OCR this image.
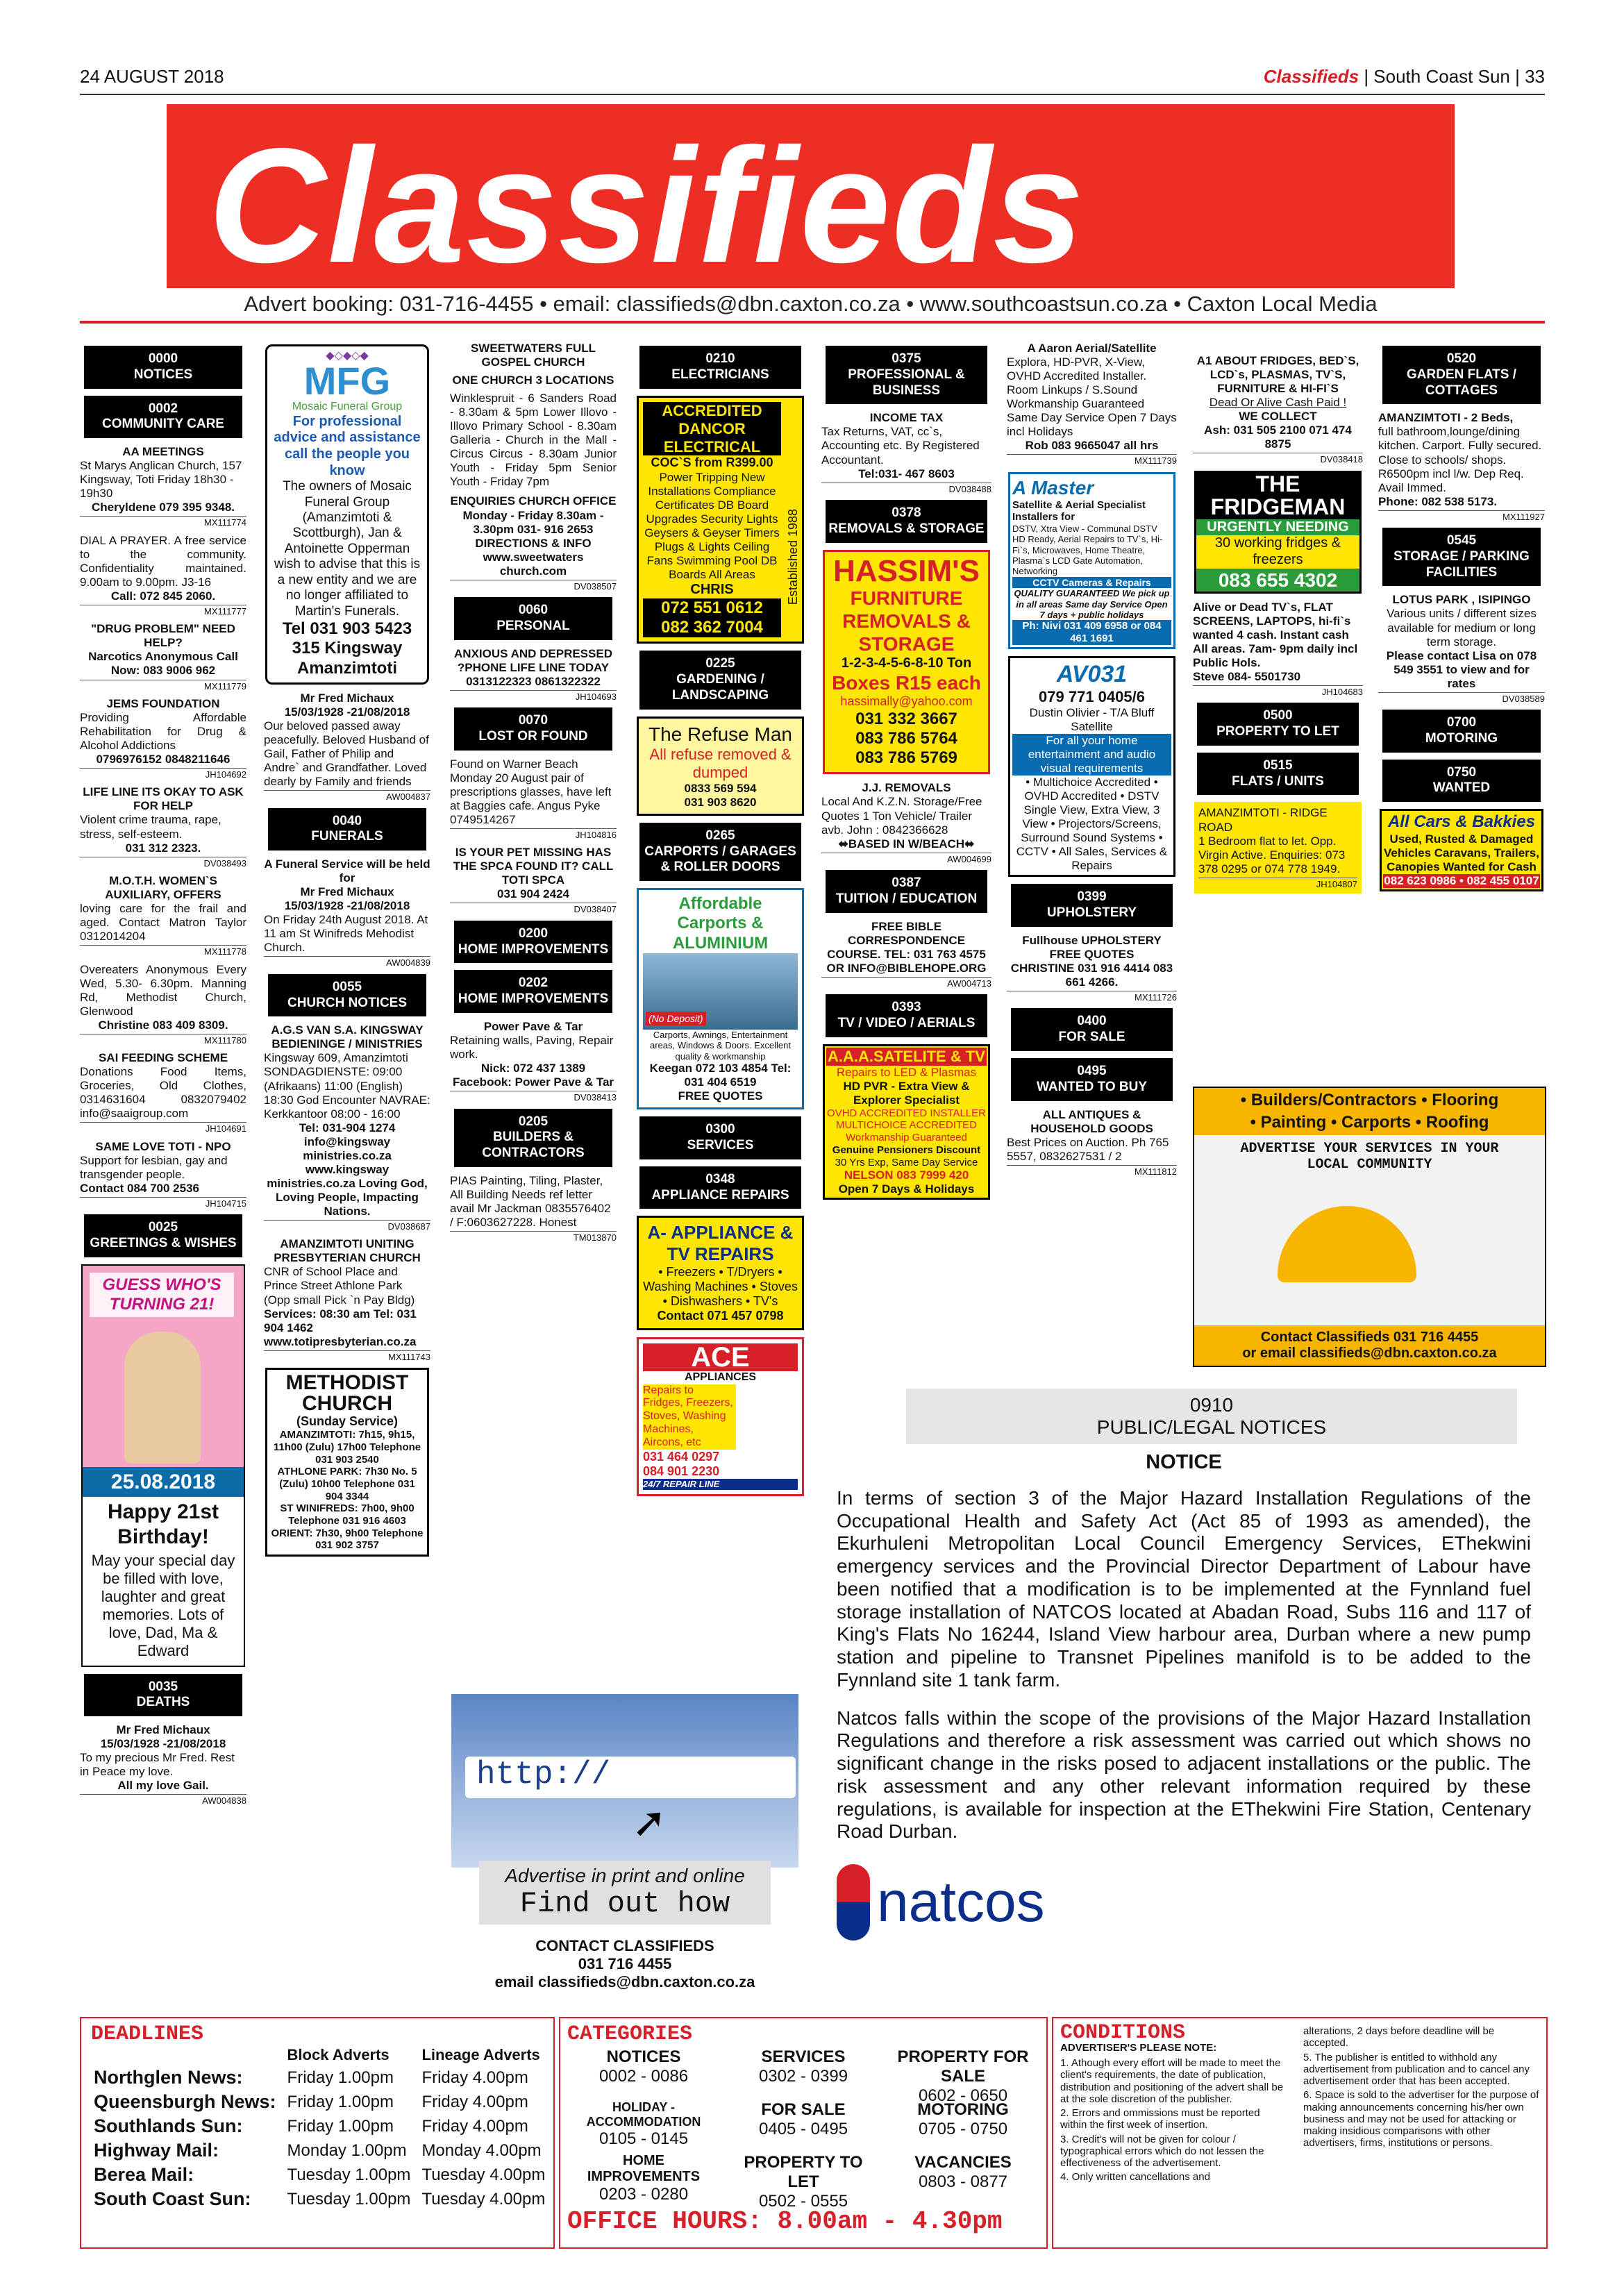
24 AUGUST 2018	Classifieds | South Coast Sun | 33
Classifieds
Advert booking: 031-716-4455 • email: classifieds@dbn.caxton.co.za • www.southcoastsun.co.za • Caxton Local Media
0000
NOTICES
0002
COMMUNITY CARE
AA MEETINGS
St Marys Anglican Church, 157 Kingsway, Toti Friday 18h30 - 19h30
Cheryldene 079 395 9348.
MX111774
DIAL A PRAYER. A free service to the community. Confidentiality maintained. 9.00am to 9.00pm. J3-16
Call: 072 845 2060.
MX111777
"DRUG PROBLEM" NEED HELP?
Narcotics Anonymous Call Now: 083 9006 962
MX111779
JEMS FOUNDATION
Providing Affordable Rehabilitation for Drug & Alcohol Addictions
0796976152 0848211646
JH104692
LIFE LINE ITS OKAY TO ASK FOR HELP
Violent crime trauma, rape, stress, self-esteem.
031 312 2323.
DV038493
M.O.T.H. WOMEN`S AUXILIARY, OFFERS
loving care for the frail and aged. Contact Matron Taylor 0312014204
MX111778
Overeaters Anonymous Every Wed, 5.30- 6.30pm. Manning Rd, Methodist Church, Glenwood
Christine 083 409 8309.
MX111780
SAI FEEDING SCHEME
Donations Food Items, Groceries, Old Clothes, 0314631604 0832079402 info@saaigroup.com
JH104691
SAME LOVE TOTI - NPO
Support for lesbian, gay and transgender people.
Contact 084 700 2536
JH104715
0025
GREETINGS & WISHES
GUESS WHO'S TURNING 21!
25.08.2018
Happy 21st Birthday!
May your special day be filled with love, laughter and great memories. Lots of love, Dad, Ma & Edward
0035
DEATHS
Mr Fred Michaux
15/03/1928 -21/08/2018
To my precious Mr Fred. Rest in Peace my love.
All my love Gail.
AW004838
◆◇◆◇◆
MFG
Mosaic Funeral Group
For professional advice and assistance call the people you know
The owners of Mosaic Funeral Group (Amanzimtoti & Scottburgh), Jan & Antoinette Opperman wish to advise that this is a new entity and we are no longer affiliated to Martin's Funerals.
Tel 031 903 5423
315 Kingsway Amanzimtoti
Mr Fred Michaux
15/03/1928 -21/08/2018
Our beloved passed away peacefully. Beloved Husband of Gail, Father of Philip and Andre` and Grandfather. Loved dearly by Family and friends
AW004837
0040
FUNERALS
A Funeral Service will be held for
Mr Fred Michaux
15/03/1928 -21/08/2018
On Friday 24th August 2018. At 11 am St Winifreds Mehodist Church.
AW004839
0055
CHURCH NOTICES
A.G.S VAN S.A. KINGSWAY BEDIENINGE / MINISTRIES
Kingsway 609, Amanzimtoti SONDAGDIENSTE: 09:00 (Afrikaans) 11:00 (English) 18:30 God Encounter NAVRAE: Kerkkantoor 08:00 - 16:00
Tel: 031-904 1274 info@kingsway ministries.co.za www.kingsway ministries.co.za Loving God, Loving People, Impacting Nations.
DV038687
AMANZIMTOTI UNITING PRESBYTERIAN CHURCH
CNR of School Place and Prince Street Athlone Park (Opp small Pick `n Pay Bldg)
Services: 08:30 am Tel: 031 904 1462
www.totipresbyterian.co.za
MX111743
METHODIST CHURCH
(Sunday Service)
AMANZIMTOTI: 7h15, 9h15, 11h00 (Zulu) 17h00 Telephone 031 903 2540
ATHLONE PARK: 7h30 No. 5 (Zulu) 10h00 Telephone 031 904 3344
ST WINIFREDS: 7h00, 9h00 Telephone 031 916 4603
ORIENT: 7h30, 9h00 Telephone 031 902 3757
SWEETWATERS FULL GOSPEL CHURCH
ONE CHURCH 3 LOCATIONS
Winklespruit - 6 Sanders Road - 8.30am & 5pm Lower Illovo - Illovo Primary School - 8.30am Galleria - Church in the Mall - Circus Circus - 8.30am Junior Youth - Friday 5pm Senior Youth - Friday 7pm
ENQUIRIES CHURCH OFFICE Monday - Friday 8.30am - 3.30pm 031- 916 2653 DIRECTIONS & INFO www.sweetwaters church.com
DV038507
0060
PERSONAL
ANXIOUS AND DEPRESSED ?PHONE LIFE LINE TODAY
0313122323 0861322322
JH104693
0070
LOST OR FOUND
Found on Warner Beach Monday 20 August pair of prescriptions glasses, have left at Baggies cafe. Angus Pyke 0749514267
JH104816
IS YOUR PET MISSING HAS THE SPCA FOUND IT? CALL TOTI SPCA
031 904 2424
DV038407
0200
HOME IMPROVEMENTS
0202
HOME IMPROVEMENTS
Power Pave & Tar
Retaining walls, Paving, Repair work.
Nick: 072 437 1389 Facebook: Power Pave & Tar
DV038413
0205
BUILDERS & CONTRACTORS
PIAS Painting, Tiling, Plaster, All Building Needs ref letter avail Mr Jackman 0835576402 / F:0603627228. Honest
TM013870
http://
➚
Advertise in print and online
Find out how
CONTACT CLASSIFIEDS
031 716 4455
email classifieds@dbn.caxton.co.za
0210
ELECTRICIANS
ACCREDITED DANCOR ELECTRICAL
COC`S from R399.00
Power Tripping New Installations Compliance Certificates DB Board Upgrades Security Lights Geysers & Geyser Timers Plugs & Lights Ceiling Fans Swimming Pool DB Boards All Areas
CHRIS
072 551 0612
082 362 7004
Established 1988
0225
GARDENING / LANDSCAPING
The Refuse Man
All refuse removed & dumped
0833 569 594
031 903 8620
0265
CARPORTS / GARAGES & ROLLER DOORS
Affordable Carports & ALUMINIUM
(No Deposit)
Carports, Awnings, Entertainment areas, Windows & Doors. Excellent quality & workmanship
Keegan 072 103 4854 Tel: 031 404 6519
FREE QUOTES
0300
SERVICES
0348
APPLIANCE REPAIRS
A- APPLIANCE & TV REPAIRS
• Freezers • T/Dryers • Washing Machines • Stoves • Dishwashers • TV's
Contact 071 457 0798
ACE
APPLIANCES
Repairs to Fridges, Freezers, Stoves, Washing Machines, Aircons, etc
031 464 0297
084 901 2230
24/7 REPAIR LINE
0375
PROFESSIONAL & BUSINESS
INCOME TAX
Tax Returns, VAT, cc`s, Accounting etc. By Registered Accountant.
Tel:031- 467 8603
DV038488
0378
REMOVALS & STORAGE
HASSIM'S
FURNITURE REMOVALS & STORAGE
1-2-3-4-5-6-8-10 Ton
Boxes R15 each
hassimally@yahoo.com
031 332 3667
083 786 5764
083 786 5769
J.J. REMOVALS
Local And K.Z.N. Storage/Free Quotes 1 Ton Vehicle/ Trailer avb. John : 0842366628
⬌BASED IN W/BEACH⬌
AW004699
0387
TUITION / EDUCATION
FREE BIBLE CORRESPONDENCE COURSE. TEL: 031 763 4575 OR INFO@BIBLEHOPE.ORG
AW004713
0393
TV / VIDEO / AERIALS
A.A.A.SATELITE & TV
Repairs to LED & Plasmas
HD PVR - Extra View & Explorer Specialist
OVHD ACCREDITED INSTALLER MULTICHOICE ACCREDITED
Workmanship Guaranteed
Genuine Pensioners Discount
30 Yrs Exp, Same Day Service
NELSON 083 7999 420
Open 7 Days & Holidays
A Aaron Aerial/Satellite
Explora, HD-PVR, X-View, OVHD Accredited Installer. Room Linkups / S.Sound Workmanship Guaranteed Same Day Service Open 7 Days incl Holidays
Rob 083 9665047 all hrs
MX111739
A Master
Satellite & Aerial Specialist Installers for
DSTV, Xtra View - Communal DSTV HD Ready, Aerial Repairs to TV`s, Hi-Fi`s, Microwaves, Home Theatre, Plasma`s LCD Gate Automation, Networking
CCTV Cameras & Repairs
QUALITY GUARANTEED We pick up in all areas Same day Service Open 7 days + public holidays
Ph: Nivi 031 409 6958 or 084 461 1691
AV031
079 771 0405/6
Dustin Olivier - T/A Bluff Satellite
For all your home entertainment and audio visual requirements
• Multichoice Accredited • OVHD Accredited • DSTV Single View, Extra View, 3 View • Projectors/Screens, Surround Sound Systems • CCTV • All Sales, Services & Repairs
0399
UPHOLSTERY
Fullhouse UPHOLSTERY FREE QUOTES
CHRISTINE 031 916 4414 083 661 4266.
MX111726
0400
FOR SALE
0495
WANTED TO BUY
ALL ANTIQUES & HOUSEHOLD GOODS
Best Prices on Auction. Ph 765 5557, 0832627531 / 2
MX111812
A1 ABOUT FRIDGES, BED`S, LCD`s, PLASMAS, TV`S, FURNITURE & HI-FI`S
Dead Or Alive Cash Paid !
WE COLLECT
Ash: 031 505 2100 071 474 8875
DV038418
THE FRIDGEMAN
URGENTLY NEEDING
30 working fridges & freezers
083 655 4302
Alive or Dead TV`s, FLAT SCREENS, LAPTOPS, hi-fi`s wanted 4 cash. Instant cash All areas. 7am- 9pm daily incl Public Hols.
Steve 084- 5501730
JH104683
0500
PROPERTY TO LET
0515
FLATS / UNITS
AMANZIMTOTI - RIDGE ROAD
1 Bedroom flat to let. Opp. Virgin Active. Enquiries: 073 378 0295 or 074 778 1949.
JH104807
• Builders/Contractors • Flooring
• Painting • Carports • Roofing
ADVERTISE YOUR SERVICES IN YOUR LOCAL COMMUNITY
Contact Classifieds 031 716 4455
or email classifieds@dbn.caxton.co.za
0520
GARDEN FLATS / COTTAGES
AMANZIMTOTI - 2 Beds,
full bathroom,lounge/dining kitchen. Carport. Fully secured. Close to schools/ shops. R6500pm incl l/w. Dep Req. Avail Immed.
Phone: 082 538 5173.
MX111927
0545
STORAGE / PARKING FACILITIES
LOTUS PARK , ISIPINGO
Various units / different sizes available for medium or long term storage.
Please contact Lisa on 078 549 3551 to view and for rates
DV038589
0700
MOTORING
0750
WANTED
All Cars & Bakkies
Used, Rusted & Damaged Vehicles Caravans, Trailers, Canopies Wanted for Cash
082 623 0986 • 082 455 0107
0910
PUBLIC/LEGAL NOTICES
NOTICE

In terms of section 3 of the Major Hazard Installation Regulations of the Occupational Health and Safety Act (Act 85 of 1993 as amended), the Ekurhuleni Metropolitan Local Council Emergency Services, EThekwini emergency services and the Provincial Director Department of Labour have been notified that a modification is to be implemented at the Fynnland fuel storage installation of NATCOS located at Abadan Road, Subs 116 and 117 of King's Flats No 16244, Island View harbour area, Durban where a new pump station and pipeline to Transnet Pipelines manifold is to be added to the Fynnland site 1 tank farm.

Natcos falls within the scope of the provisions of the Major Hazard Installation Regulations and therefore a risk assessment was carried out which shows no significant change in the risks posed to adjacent installations or the public. The risk assessment and any other relevant information required by these regulations, is available for inspection at the EThekwini Fire Station, Centenary Road Durban.

natcos
DEADLINES
	Block Adverts	Lineage Adverts
Northglen News:	Friday 1.00pm	Friday 4.00pm
Queensburgh News:	Friday 1.00pm	Friday 4.00pm
Southlands Sun:	Friday 1.00pm	Friday 4.00pm
Highway Mail:	Monday 1.00pm	Monday 4.00pm
Berea Mail:	Tuesday 1.00pm	Tuesday 4.00pm
South Coast Sun:	Tuesday 1.00pm	Tuesday 4.00pm
CATEGORIES
NOTICES
0002 - 0086
SERVICES
0302 - 0399
PROPERTY FOR SALE
0602 - 0650
HOLIDAY - ACCOMMODATION
0105 - 0145
FOR SALE
0405 - 0495
MOTORING
0705 - 0750
HOME IMPROVEMENTS
0203 - 0280
PROPERTY TO LET
0502 - 0555
VACANCIES
0803 - 0877
OFFICE HOURS: 8.00am - 4.30pm
CONDITIONS
ADVERTISER'S PLEASE NOTE:

1. Athough every effort will be made to meet the client's requirements, the date of publication, distribution and positioning of the advert shall be at the sole discretion of the publisher.

2. Errors and ommissions must be reported within the first week of insertion.

3. Credit's will not be given for colour / typographical errors which do not lessen the effectiveness of the advertisement.

4. Only written cancellations and

alterations, 2 days before deadline will be accepted.

5. The publisher is entitled to withhold any advertisement from publication and to cancel any advertisement order that has been accepted.

6. Space is sold to the advertiser for the purpose of making announcements concerning his/her own business and may not be used for attacking or making insidious comparisons with other advertisers, firms, institutions or persons.
